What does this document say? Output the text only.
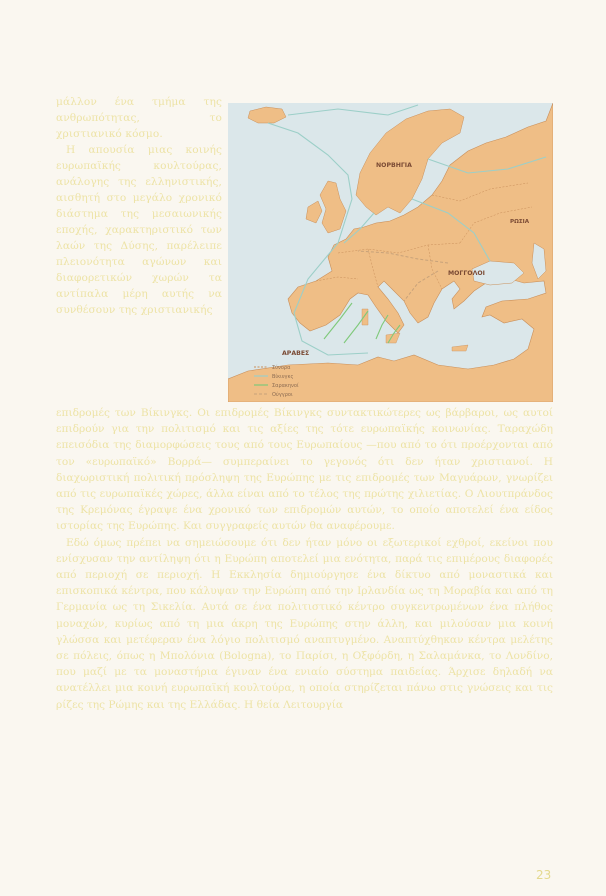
μάλλον ένα τμήμα της ανθρωπότητας, το χριστιανικό κόσμο.

Η απουσία μιας κοινής ευρωπαϊκής κουλτούρας, ανάλογης της ελληνιστικής, αισθητή στο μεγάλο χρονικό διάστημα της μεσαιωνικής εποχής, χαρακτηριστικό των λαών της Δύσης, παρέλειπε πλειονότητα αγώνων και διαφορετικών χωρών τα αντίπαλα μέρη αυτής να συνθέσουν της χριστιανικής

ΝΟΡΒΗΓΙΑ
ΡΩΣΙΑ
ΜΟΓΓΟΛΟΙ
ΑΡΑΒΕΣ
Σύνορα
Βίκινγκς
Σαρακηνοί
Ούγγροι

επιδρομές των Βίκινγκς. Οι επιδρομές Βίκινγκς συντακτικώτερες ως βάρβαροι, ως αυτοί επιδρούν για την πολιτισμό και τις αξίες της τότε ευρωπαϊκής κοινωνίας. Ταραχώδη επεισόδια της διαμορφώσεις τους από τους Ευρωπαίους —που από το ότι προέρχονται από τον «ευρωπαϊκό» Βορρά— συμπεραίνει το γεγονός ότι δεν ήταν χριστιανοί. Η διαχωριστική πολιτική πρόσληψη της Ευρώπης με τις επιδρομές των Μαγυάρων, γνωρίζει από τις ευρωπαϊκές χώρες, άλλα είναι από το τέλος της πρώτης χιλιετίας. Ο Λιουτπράνδος της Κρεμόνας έγραψε ένα χρονικό των επιδρομών αυτών, το οποίο αποτελεί ένα είδος ιστορίας της Ευρώπης. Και συγγραφείς αυτών θα αναφέρουμε.

Εδώ όμως πρέπει να σημειώσουμε ότι δεν ήταν μόνο οι εξωτερικοί εχθροί, εκείνοι που ενίσχυσαν την αντίληψη ότι η Ευρώπη αποτελεί μια ενότητα, παρά τις επιμέρους διαφορές από περιοχή σε περιοχή. Η Εκκλησία δημιούργησε ένα δίκτυο από μοναστικά και επισκοπικά κέντρα, που κάλυψαν την Ευρώπη από την Ιρλανδία ως τη Μοραβία και από τη Γερμανία ως τη Σικελία. Αυτά σε ένα πολιτιστικό κέντρο συγκεντρωμένων ένα πλήθος μοναχών, κυρίως από τη μια άκρη της Ευρώπης στην άλλη, και μιλούσαν μια κοινή γλώσσα και μετέφεραν ένα λόγιο πολιτισμό αναπτυγμένο. Αναπτύχθηκαν κέντρα μελέτης σε πόλεις, όπως η Μπολόνια (Bologna), το Παρίσι, η Οξφόρδη, η Σαλαμάνκα, το Λονδίνο, που μαζί με τα μοναστήρια έγιναν ένα ενιαίο σύστημα παιδείας. Άρχισε δηλαδή να ανατέλλει μια κοινή ευρωπαϊκή κουλτούρα, η οποία στηρίζεται πάνω στις γνώσεις και τις ρίζες της Ρώμης και της Ελλάδας. Η θεία Λειτουργία

23
